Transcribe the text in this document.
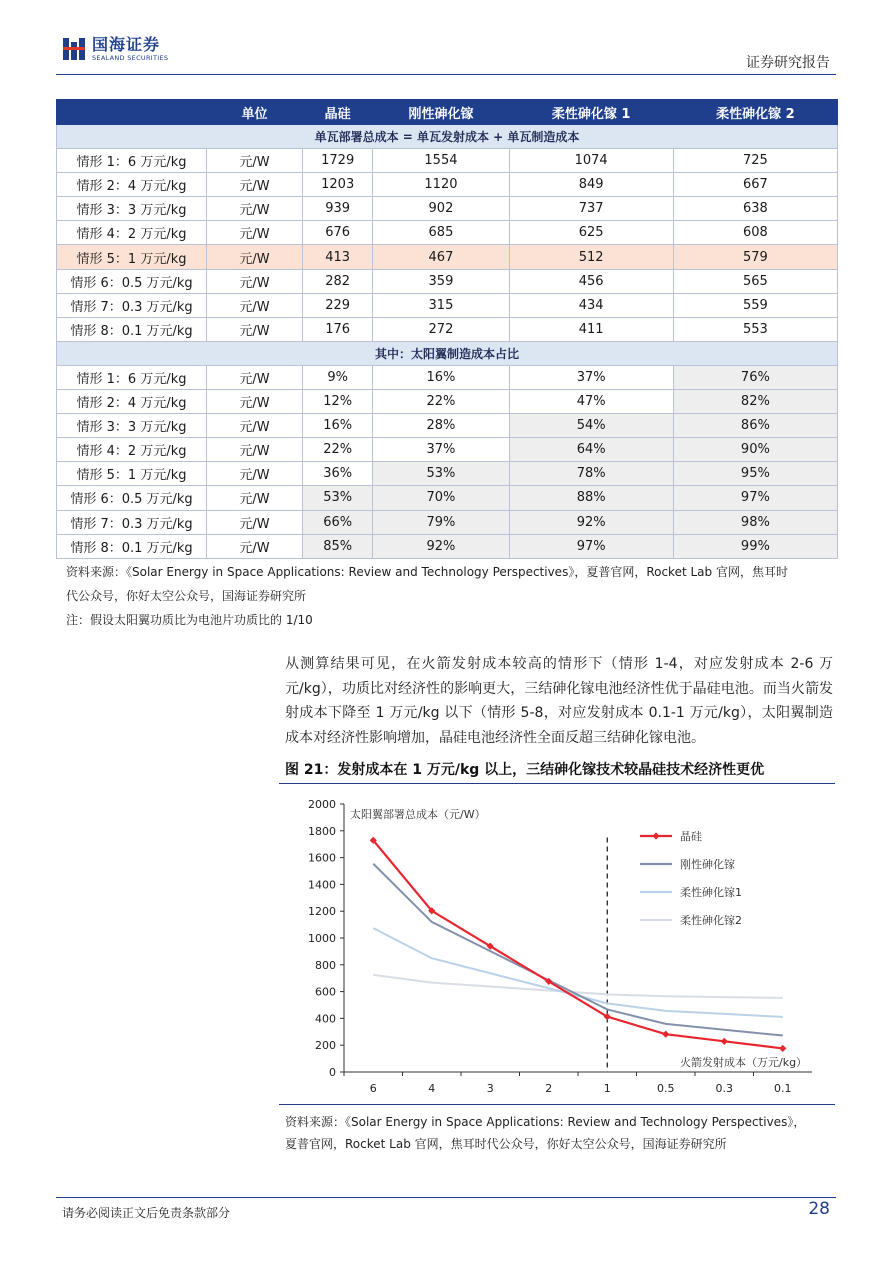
国海证券
SEALAND SECURITIES	证券研究报告
	单位	晶硅	刚性砷化镓	柔性砷化镓 1	柔性砷化镓 2
单瓦部署总成本 = 单瓦发射成本 + 单瓦制造成本					
情形 1：6 万元/kg	元/W	1729	1554	1074	725
情形 2：4 万元/kg	元/W	1203	1120	849	667
情形 3：3 万元/kg	元/W	939	902	737	638
情形 4：2 万元/kg	元/W	676	685	625	608
情形 5：1 万元/kg	元/W	413	467	512	579
情形 6：0.5 万元/kg	元/W	282	359	456	565
情形 7：0.3 万元/kg	元/W	229	315	434	559
情形 8：0.1 万元/kg	元/W	176	272	411	553
其中：太阳翼制造成本占比					
情形 1：6 万元/kg	元/W	9%	16%	37%	76%
情形 2：4 万元/kg	元/W	12%	22%	47%	82%
情形 3：3 万元/kg	元/W	16%	28%	54%	86%
情形 4：2 万元/kg	元/W	22%	37%	64%	90%
情形 5：1 万元/kg	元/W	36%	53%	78%	95%
情形 6：0.5 万元/kg	元/W	53%	70%	88%	97%
情形 7：0.3 万元/kg	元/W	66%	79%	92%	98%
情形 8：0.1 万元/kg	元/W	85%	92%	97%	99%
资料来源：《Solar Energy in Space Applications: Review and Technology Perspectives》，夏普官网，Rocket Lab 官网，焦耳时
代公众号，你好太空公众号，国海证券研究所
注：假设太阳翼功质比为电池片功质比的 1/10
从测算结果可见，在火箭发射成本较高的情形下（情形 1-4，对应发射成本 2-6 万元/kg），功质比对经济性的影响更大，三结砷化镓电池经济性优于晶硅电池。而当火箭发射成本下降至 1 万元/kg 以下（情形 5-8，对应发射成本 0.1-1 万元/kg），太阳翼制造成本对经济性影响增加，晶硅电池经济性全面反超三结砷化镓电池。
图 21：发射成本在 1 万元/kg 以上，三结砷化镓技术较晶硅技术经济性更优
0
200
400
600
800
1000
1200
1400
1600
1800
2000
6	4	3	2	1	0.5	0.3	0.1
太阳翼部署总成本（元/W）
火箭发射成本（万元/kg）
晶硅
刚性砷化镓
柔性砷化镓1
柔性砷化镓2
资料来源：《Solar Energy in Space Applications: Review and Technology Perspectives》，
夏普官网，Rocket Lab 官网，焦耳时代公众号，你好太空公众号，国海证券研究所
请务必阅读正文后免责条款部分	28
